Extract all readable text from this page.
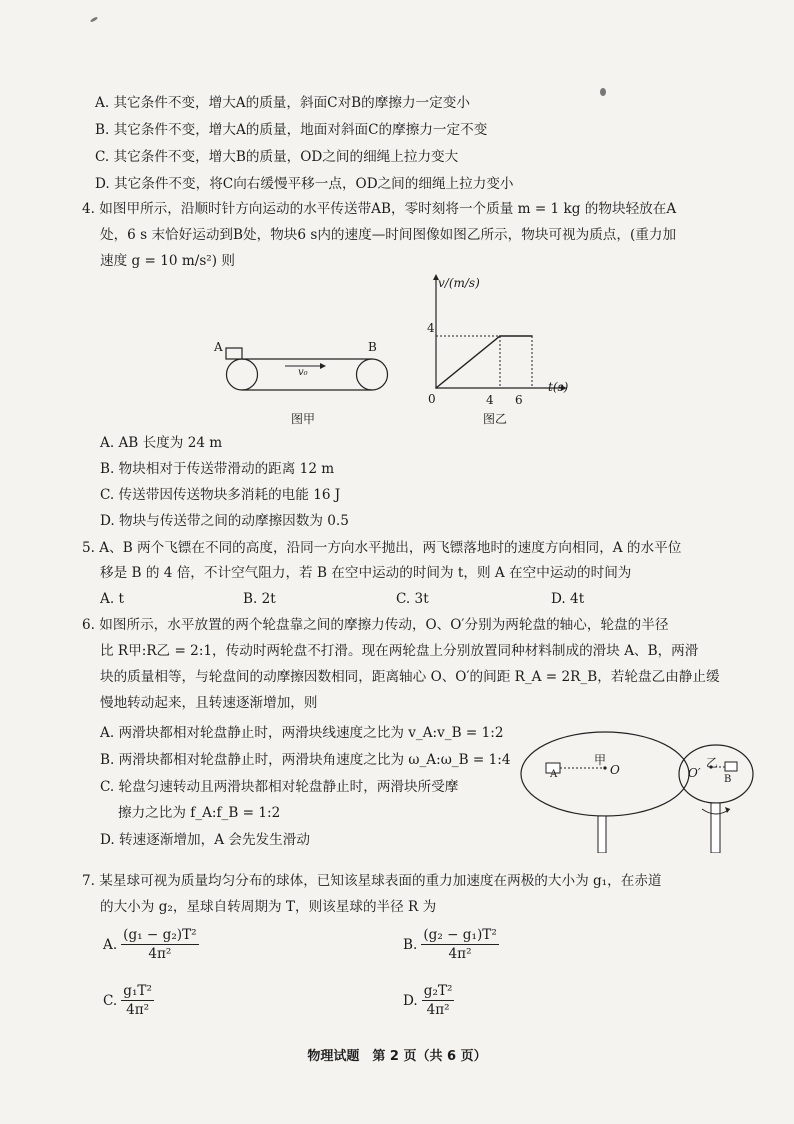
A. 其它条件不变，增大A的质量，斜面C对B的摩擦力一定变小
B. 其它条件不变，增大A的质量，地面对斜面C的摩擦力一定不变
C. 其它条件不变，增大B的质量，OD之间的细绳上拉力变大
D. 其它条件不变，将C向右缓慢平移一点，OD之间的细绳上拉力变小
4. 如图甲所示，沿顺时针方向运动的水平传送带AB，零时刻将一个质量 m = 1 kg 的物块轻放在A
处，6 s 末恰好运动到B处，物块6 s内的速度—时间图像如图乙所示，物块可视为质点，(重力加
速度 g = 10 m/s²) 则
A	B
v₀
图甲
v/(m/s)
t(s)
0
4
4 6
图乙
A. AB 长度为 24 m
B. 物块相对于传送带滑动的距离 12 m
C. 传送带因传送物块多消耗的电能 16 J
D. 物块与传送带之间的动摩擦因数为 0.5
5. A、B 两个飞镖在不同的高度，沿同一方向水平抛出，两飞镖落地时的速度方向相同，A 的水平位
移是 B 的 4 倍，不计空气阻力，若 B 在空中运动的时间为 t，则 A 在空中运动的时间为
A. t	B. 2t	C. 3t	D. 4t
6. 如图所示，水平放置的两个轮盘靠之间的摩擦力传动，O、O′分别为两轮盘的轴心，轮盘的半径
比 R甲:R乙 = 2:1，传动时两轮盘不打滑。现在两轮盘上分别放置同种材料制成的滑块 A、B，两滑
块的质量相等，与轮盘间的动摩擦因数相同，距离轴心 O、O′的间距 R_A = 2R_B，若轮盘乙由静止缓
慢地转动起来，且转速逐渐增加，则
A. 两滑块都相对轮盘静止时，两滑块线速度之比为 v_A:v_B = 1:2
B. 两滑块都相对轮盘静止时，两滑块角速度之比为 ω_A:ω_B = 1:4
C. 轮盘匀速转动且两滑块都相对轮盘静止时，两滑块所受摩
擦力之比为 f_A:f_B = 1:2
D. 转速逐渐增加，A 会先发生滑动
甲
O
A
乙
O′ B
7. 某星球可视为质量均匀分布的球体，已知该星球表面的重力加速度在两极的大小为 g₁，在赤道
的大小为 g₂，星球自转周期为 T，则该星球的半径 R 为
A. $\frac{\text{(g₁ − g₂)T²}}{\text{4π²}}$	B. $\frac{\text{(g₂ − g₁)T²}}{\text{4π²}}$
C. $\frac{\text{g₁T²}}{\text{4π²}}$	D. $\frac{\text{g₂T²}}{\text{4π²}}$
物理试题　第 2 页（共 6 页）
